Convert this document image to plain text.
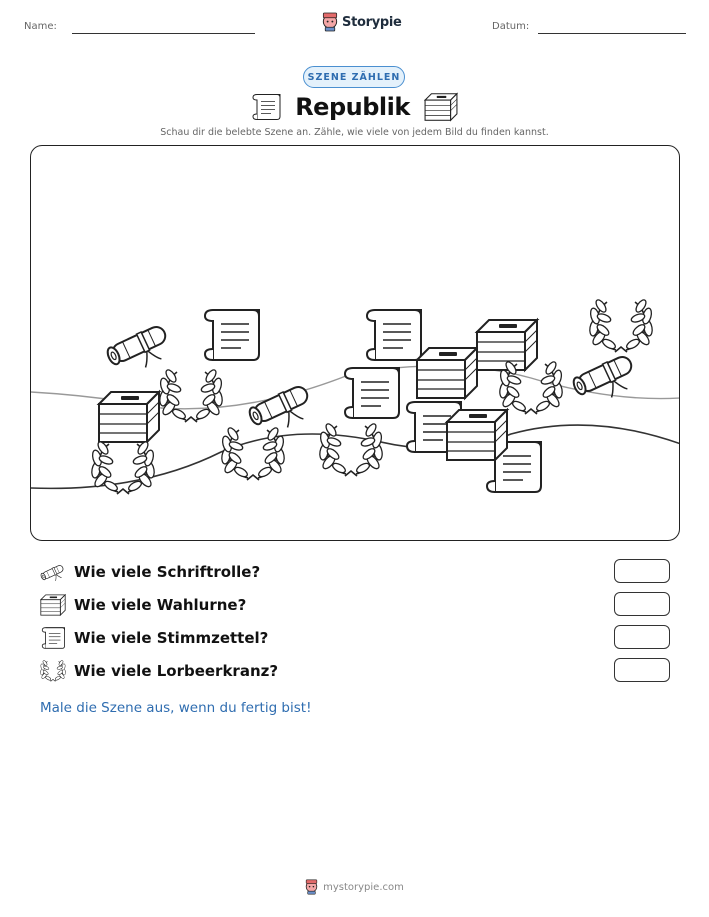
Name:	Storypie	Datum:
SZENE ZÄHLEN
Republik
Schau dir die belebte Szene an. Zähle, wie viele von jedem Bild du finden kannst.
Wie viele Schriftrolle?
Wie viele Wahlurne?
Wie viele Stimmzettel?
Wie viele Lorbeerkranz?
Male die Szene aus, wenn du fertig bist!
mystorypie.com
